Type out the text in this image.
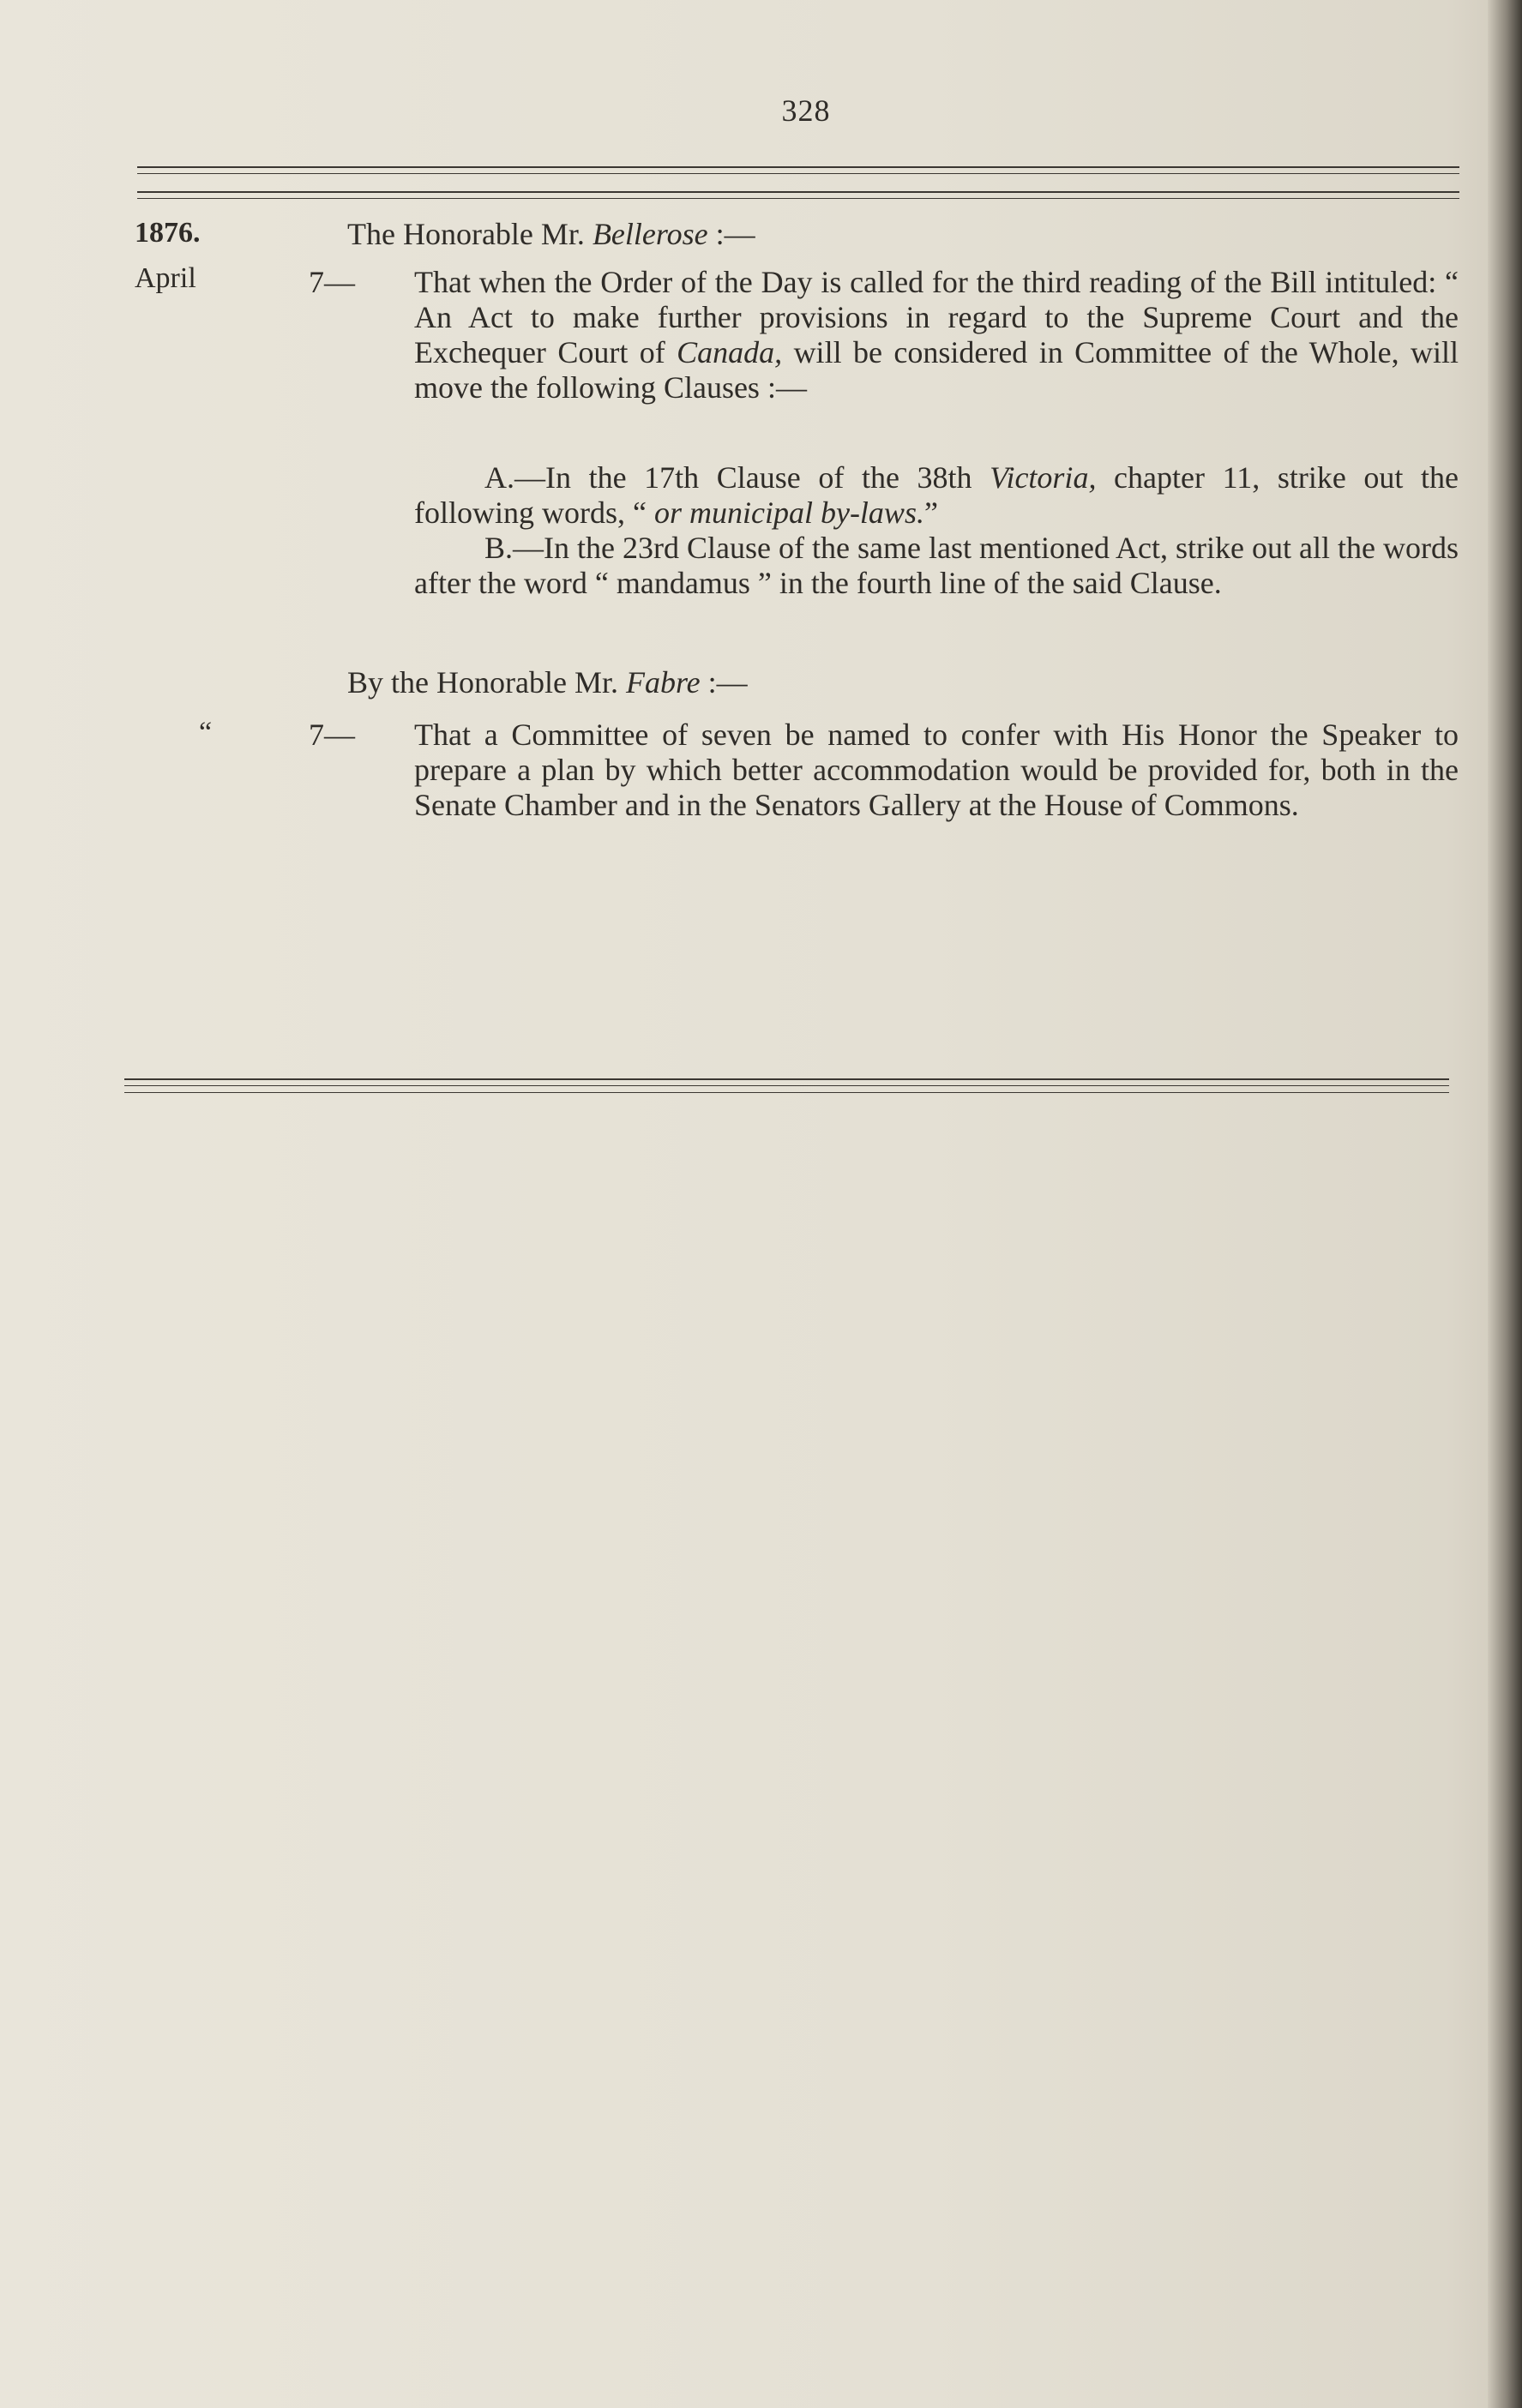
328
1876.
April
“
The Honorable Mr. Bellerose :—
7— That when the Order of the Day is called for the third reading of the Bill intituled: “ An Act to make further provisions in regard to the Supreme Court and the Exchequer Court of Canada, will be considered in Committee of the Whole, will move the following Clauses :—
A.—In the 17th Clause of the 38th Victoria, chapter 11, strike out the following words, “ or municipal by-laws.”
B.—In the 23rd Clause of the same last mentioned Act, strike out all the words after the word “ mandamus ” in the fourth line of the said Clause.
By the Honorable Mr. Fabre :—
7— That a Committee of seven be named to confer with His Honor the Speaker to prepare a plan by which better accommodation would be provided for, both in the Senate Chamber and in the Senators Gallery at the House of Commons.
